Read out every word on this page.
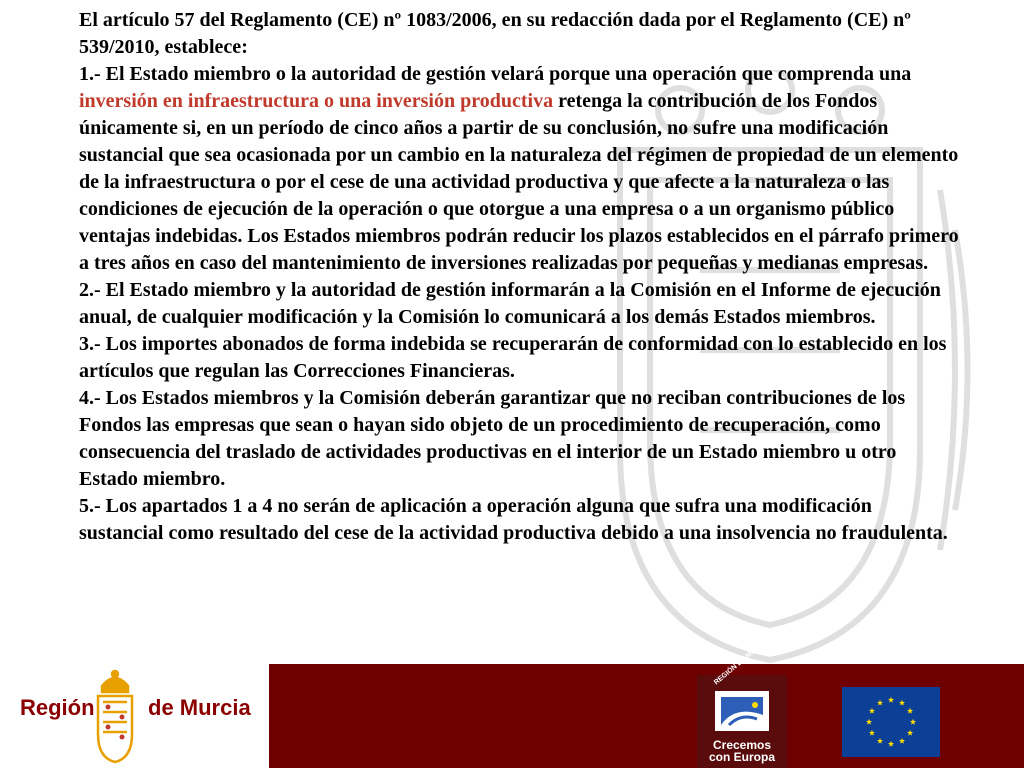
El artículo 57 del Reglamento (CE) nº 1083/2006, en su redacción dada por el Reglamento (CE) nº 539/2010, establece:
1.- El Estado miembro o la autoridad de gestión velará porque una operación que comprenda una inversión en infraestructura o una inversión productiva retenga la contribución de los Fondos únicamente si, en un período de cinco años a partir de su conclusión, no sufre una modificación sustancial que sea ocasionada por un cambio en la naturaleza del régimen de propiedad de un elemento de la infraestructura o por el cese de una actividad productiva y que afecte a la naturaleza o las condiciones de ejecución de la operación o que otorgue a una empresa o a un organismo público ventajas indebidas. Los Estados miembros podrán reducir los plazos establecidos en el párrafo primero a tres años en caso del mantenimiento de inversiones realizadas por pequeñas y medianas empresas.
2.- El Estado miembro y la autoridad de gestión informarán a la Comisión en el Informe de ejecución anual, de cualquier modificación y la Comisión lo comunicará a los demás Estados miembros.
3.- Los importes abonados de forma indebida se recuperarán de conformidad con lo establecido en los artículos que regulan las Correcciones Financieras.
4.- Los Estados miembros y la Comisión deberán garantizar que no reciban contribuciones de los Fondos las empresas que sean o hayan sido objeto de un procedimiento de recuperación, como consecuencia del traslado de actividades productivas en el interior de un Estado miembro u otro Estado miembro.
5.- Los apartados 1 a 4 no serán de aplicación a operación alguna que sufra una modificación sustancial como resultado del cese de la actividad productiva debido a una insolvencia no fraudulenta.
Región de Murcia
REGIÓN DE MURCIA
Crecemos
con Europa
